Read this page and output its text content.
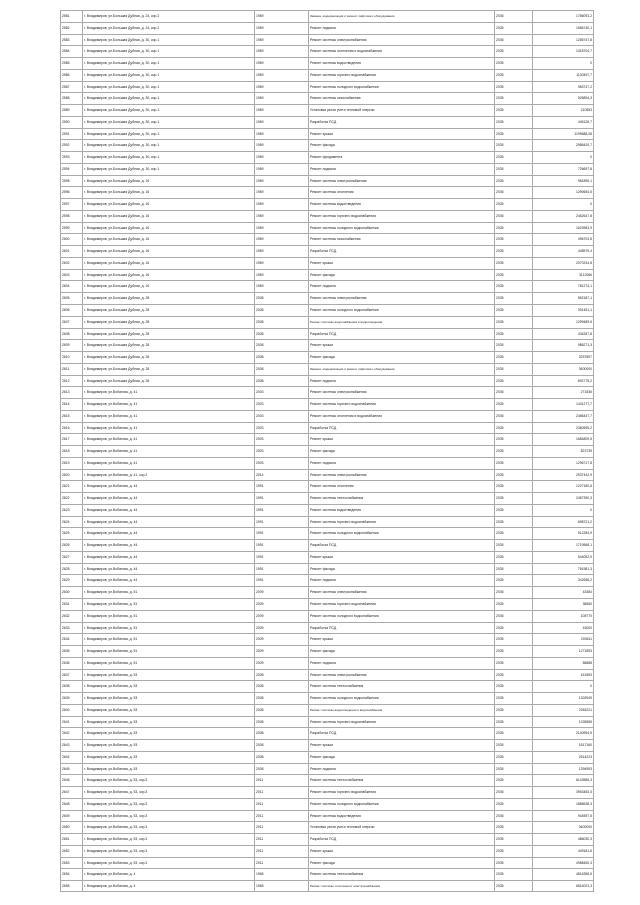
2581	г. Владимиров, ул.Большая Дубная, д. 24, кор.2	1969	Замена, модернизация и ремонт лифтового оборудования	2035	1786093,2
2582	г. Владимиров, ул.Большая Дубная, д. 24, кор.2	1969	Ремонт подвала	2035	1586740,1
2583	г. Владимиров, ул.Большая Дубная, д. 30, кор.1	1969	Ремонт системы электроснабжения	2035	1265747,8
2584	г. Владимиров, ул.Большая Дубная, д. 30, кор.1	1969	Ремонт системы отопления и водоснабжения	2035	1418704,7
2585	г. Владимиров, ул.Большая Дубная, д. 30, кор.1	1969	Ремонт системы водоотведения	2035	0
2586	г. Владимиров, ул.Большая Дубная, д. 30, кор.1	1969	Ремонт системы горячего водоснабжения	2035	1130497,7
2587	г. Владимиров, ул.Большая Дубная, д. 30, кор.1	1969	Ремонт системы холодного водоснабжения	2035	983747,2
2588	г. Владимиров, ул.Большая Дубная, д. 30, кор.1	1969	Ремонт системы газоснабжения	2035	526894,3
2589	г. Владимиров, ул.Большая Дубная, д. 30, кор.1	1969	Установка узлов учета тепловой энергии	2035	210553
2590	г. Владимиров, ул.Большая Дубная, д. 30, кор.1	1969	Разработка ПСД	2035	445126,7
2591	г. Владимиров, ул.Большая Дубная, д. 30, кор.1	1969	Ремонт крыши	2035	1199688,08
2592	г. Владимиров, ул.Большая Дубная, д. 30, кор.1	1969	Ремонт фасада	2035	2986420,7
2593	г. Владимиров, ул.Большая Дубная, д. 30, кор.1	1969	Ремонт фундамента	2035	0
2594	г. Владимиров, ул.Большая Дубная, д. 30, кор.1	1969	Ремонт подвала	2035	726697,8
2595	г. Владимиров, ул.Большая Дубная, д. 16	1969	Ремонт системы электроснабжения	2035	981895,1
2596	г. Владимиров, ул.Большая Дубная, д. 16	1969	Ремонт системы отопления	2035	1290654,5
2597	г. Владимиров, ул.Большая Дубная, д. 16	1969	Ремонт системы водоотведения	2035	0
2598	г. Владимиров, ул.Большая Дубная, д. 16	1969	Ремонт системы горячего водоснабжения	2035	2462647,8
2599	г. Владимиров, ул.Большая Дубная, д. 16	1969	Ремонт системы холодного водоснабжения	2035	1623963,9
2600	г. Владимиров, ул.Большая Дубная, д. 16	1969	Ремонт системы газоснабжения	2035	496703,8
2601	г. Владимиров, ул.Большая Дубная, д. 16	1969	Разработка ПСД	2035	448579,4
2602	г. Владимиров, ул.Большая Дубная, д. 16	1969	Ремонт крыши	2035	2070234,8
2603	г. Владимиров, ул.Большая Дубная, д. 16	1969	Ремонт фасада	2035	3112066
2604	г. Владимиров, ул.Большая Дубная, д. 16	1969	Ремонт подвала	2035	781274,1
2605	г. Владимиров, ул.Большая Дубная, д. 28	2008	Ремонт системы электроснабжения	2035	852187,1
2606	г. Владимиров, ул.Большая Дубная, д. 28	2008	Ремонт системы холодного водоснабжения	2035	391451,1
2607	г. Владимиров, ул.Большая Дубная, д. 28	2008	Ремонт системы водоснабжения и водоотведения	2035	1299489,6
2608	г. Владимиров, ул.Большая Дубная, д. 28	2008	Разработка ПСД	2035	434267,8
2609	г. Владимиров, ул.Большая Дубная, д. 28	2008	Ремонт крыши	2035	986271,3
2610	г. Владимиров, ул.Большая Дубная, д. 28	2008	Ремонт фасада	2035	3257897
2611	г. Владимиров, ул.Большая Дубная, д. 28	2008	Замена, модернизация и ремонт лифтового оборудования	2035	3600000
2612	г. Владимиров, ул.Большая Дубная, д. 28	2008	Ремонт подвала	2035	692775,2
2613	г. Владимиров, ул.Вобатова, д. 41	2003	Ремонт системы электроснабжения	2035	271836
2614	г. Владимиров, ул.Вобатова, д. 41	2003	Ремонт системы горячего водоснабжения	2035	1431277,7
2615	г. Владимиров, ул.Вобатова, д. 41	2003	Ремонт системы отопления и водоснабжения	2035	2486447,7
2616	г. Владимиров, ул.Вобатова, д. 41	2003	Разработка ПСД	2035	2360595,2
2617	г. Владимиров, ул.Вобатова, д. 41	2003	Ремонт крыши	2035	1684809,5
2618	г. Владимиров, ул.Вобатова, д. 41	2003	Ремонт фасада	2035	823739
2619	г. Владимиров, ул.Вобатова, д. 41	2003	Ремонт подвала	2035	1296717,8
2620	г. Владимиров, ул.Вобатова, д. 41, кор.2	2014	Ремонт системы электроснабжения	2035	2537442,9
2621	г. Владимиров, ул.Вобатова, д. 44	1991	Ремонт системы отопления	2035	1227180,6
2622	г. Владимиров, ул.Вобатова, д. 44	1991	Ремонт системы теплоснабжения	2035	2457390,3
2623	г. Владимиров, ул.Вобатова, д. 44	1991	Ремонт системы водоотведения	2035	0
2624	г. Владимиров, ул.Вобатова, д. 44	1991	Ремонт системы горячего водоснабжения	2035	698721,2
2625	г. Владимиров, ул.Вобатова, д. 44	1991	Ремонт системы холодного водоснабжения	2035	512284,9
2626	г. Владимиров, ул.Вобатова, д. 44	1991	Разработка ПСД	2035	1719568,1
2627	г. Владимиров, ул.Вобатова, д. 44	1991	Ремонт крыши	2035	544052,9
2628	г. Владимиров, ул.Вобатова, д. 44	1991	Ремонт фасада	2035	761981,3
2629	г. Владимиров, ул.Вобатова, д. 44	1991	Ремонт подвала	2035	342658,2
2630	г. Владимиров, ул.Вобатова, д. 51	2009	Ремонт системы электроснабжения	2035	43384
2631	г. Владимиров, ул.Вобатова, д. 51	2009	Ремонт системы горячего водоснабжения	2035	38560
2632	г. Владимиров, ул.Вобатова, д. 51	2009	Ремонт системы холодного водоснабжения	2035	108770
2633	г. Владимиров, ул.Вобатова, д. 51	2009	Разработка ПСД	2035	43000
2634	г. Владимиров, ул.Вобатова, д. 51	2009	Ремонт крыши	2035	200611
2635	г. Владимиров, ул.Вобатова, д. 51	2009	Ремонт фасада	2035	1271893
2636	г. Владимиров, ул.Вобатова, д. 51	2009	Ремонт подвала	2035	86888
2637	г. Владимиров, ул.Вобатова, д. 53	2008	Ремонт системы электроснабжения	2035	151893
2638	г. Владимиров, ул.Вобатова, д. 53	2008	Ремонт системы теплоснабжения	2035	0
2639	г. Владимиров, ул.Вобатова, д. 53	2008	Ремонт системы холодного водоснабжения	2035	1302949
2640	г. Владимиров, ул.Вобатова, д. 53	2008	Ремонт системы водоотведения и водоснабжения	2035	2353221
2641	г. Владимиров, ул.Вобатова, д. 53	2008	Ремонт системы горячего водоснабжения	2035	1335555
2642	г. Владимиров, ул.Вобатова, д. 53	2008	Разработка ПСД	2035	2140954,5
2643	г. Владимиров, ул.Вобатова, д. 53	2008	Ремонт крыши	2035	1817160
2644	г. Владимиров, ул.Вобатова, д. 53	2008	Ремонт фасада	2035	2514223
2645	г. Владимиров, ул.Вобатова, д. 53	2008	Ремонт подвала	2035	1394993
2646	г. Владимиров, ул.Вобатова, д. 53, кор.3	2011	Ремонт системы теплоснабжения	2035	6143585,3
2647	г. Владимиров, ул.Вобатова, д. 53, кор.3	2011	Ремонт системы горячего водоснабжения	2035	3963483,3
2648	г. Владимиров, ул.Вобатова, д. 53, кор.3	2011	Ремонт системы холодного водоснабжения	2035	1886638,3
2649	г. Владимиров, ул.Вобатова, д. 53, кор.3	2011	Ремонт системы водоотведения	2035	944597,5
2650	г. Владимиров, ул.Вобатова, д. 53, кор.3	2011	Установка узлов учета тепловой энергии	2035	3600000
2651	г. Владимиров, ул.Вобатова, д. 53, кор.3	2011	Разработка ПСД	2035	486030,3
2652	г. Владимиров, ул.Вобатова, д. 53, кор.3	2011	Ремонт крыши	2035	449181,6
2653	г. Владимиров, ул.Вобатова, д. 53, кор.3	2011	Ремонт фасада	2035	4988450,3
2654	г. Владимиров, ул.Вобатова, д. 4	1965	Ремонт системы теплоснабжения	2035	4816356,6
2655	г. Владимиров, ул.Вобатова, д. 4	1965	Ремонт системы отопления и электроснабжения	2035	6814023,3
